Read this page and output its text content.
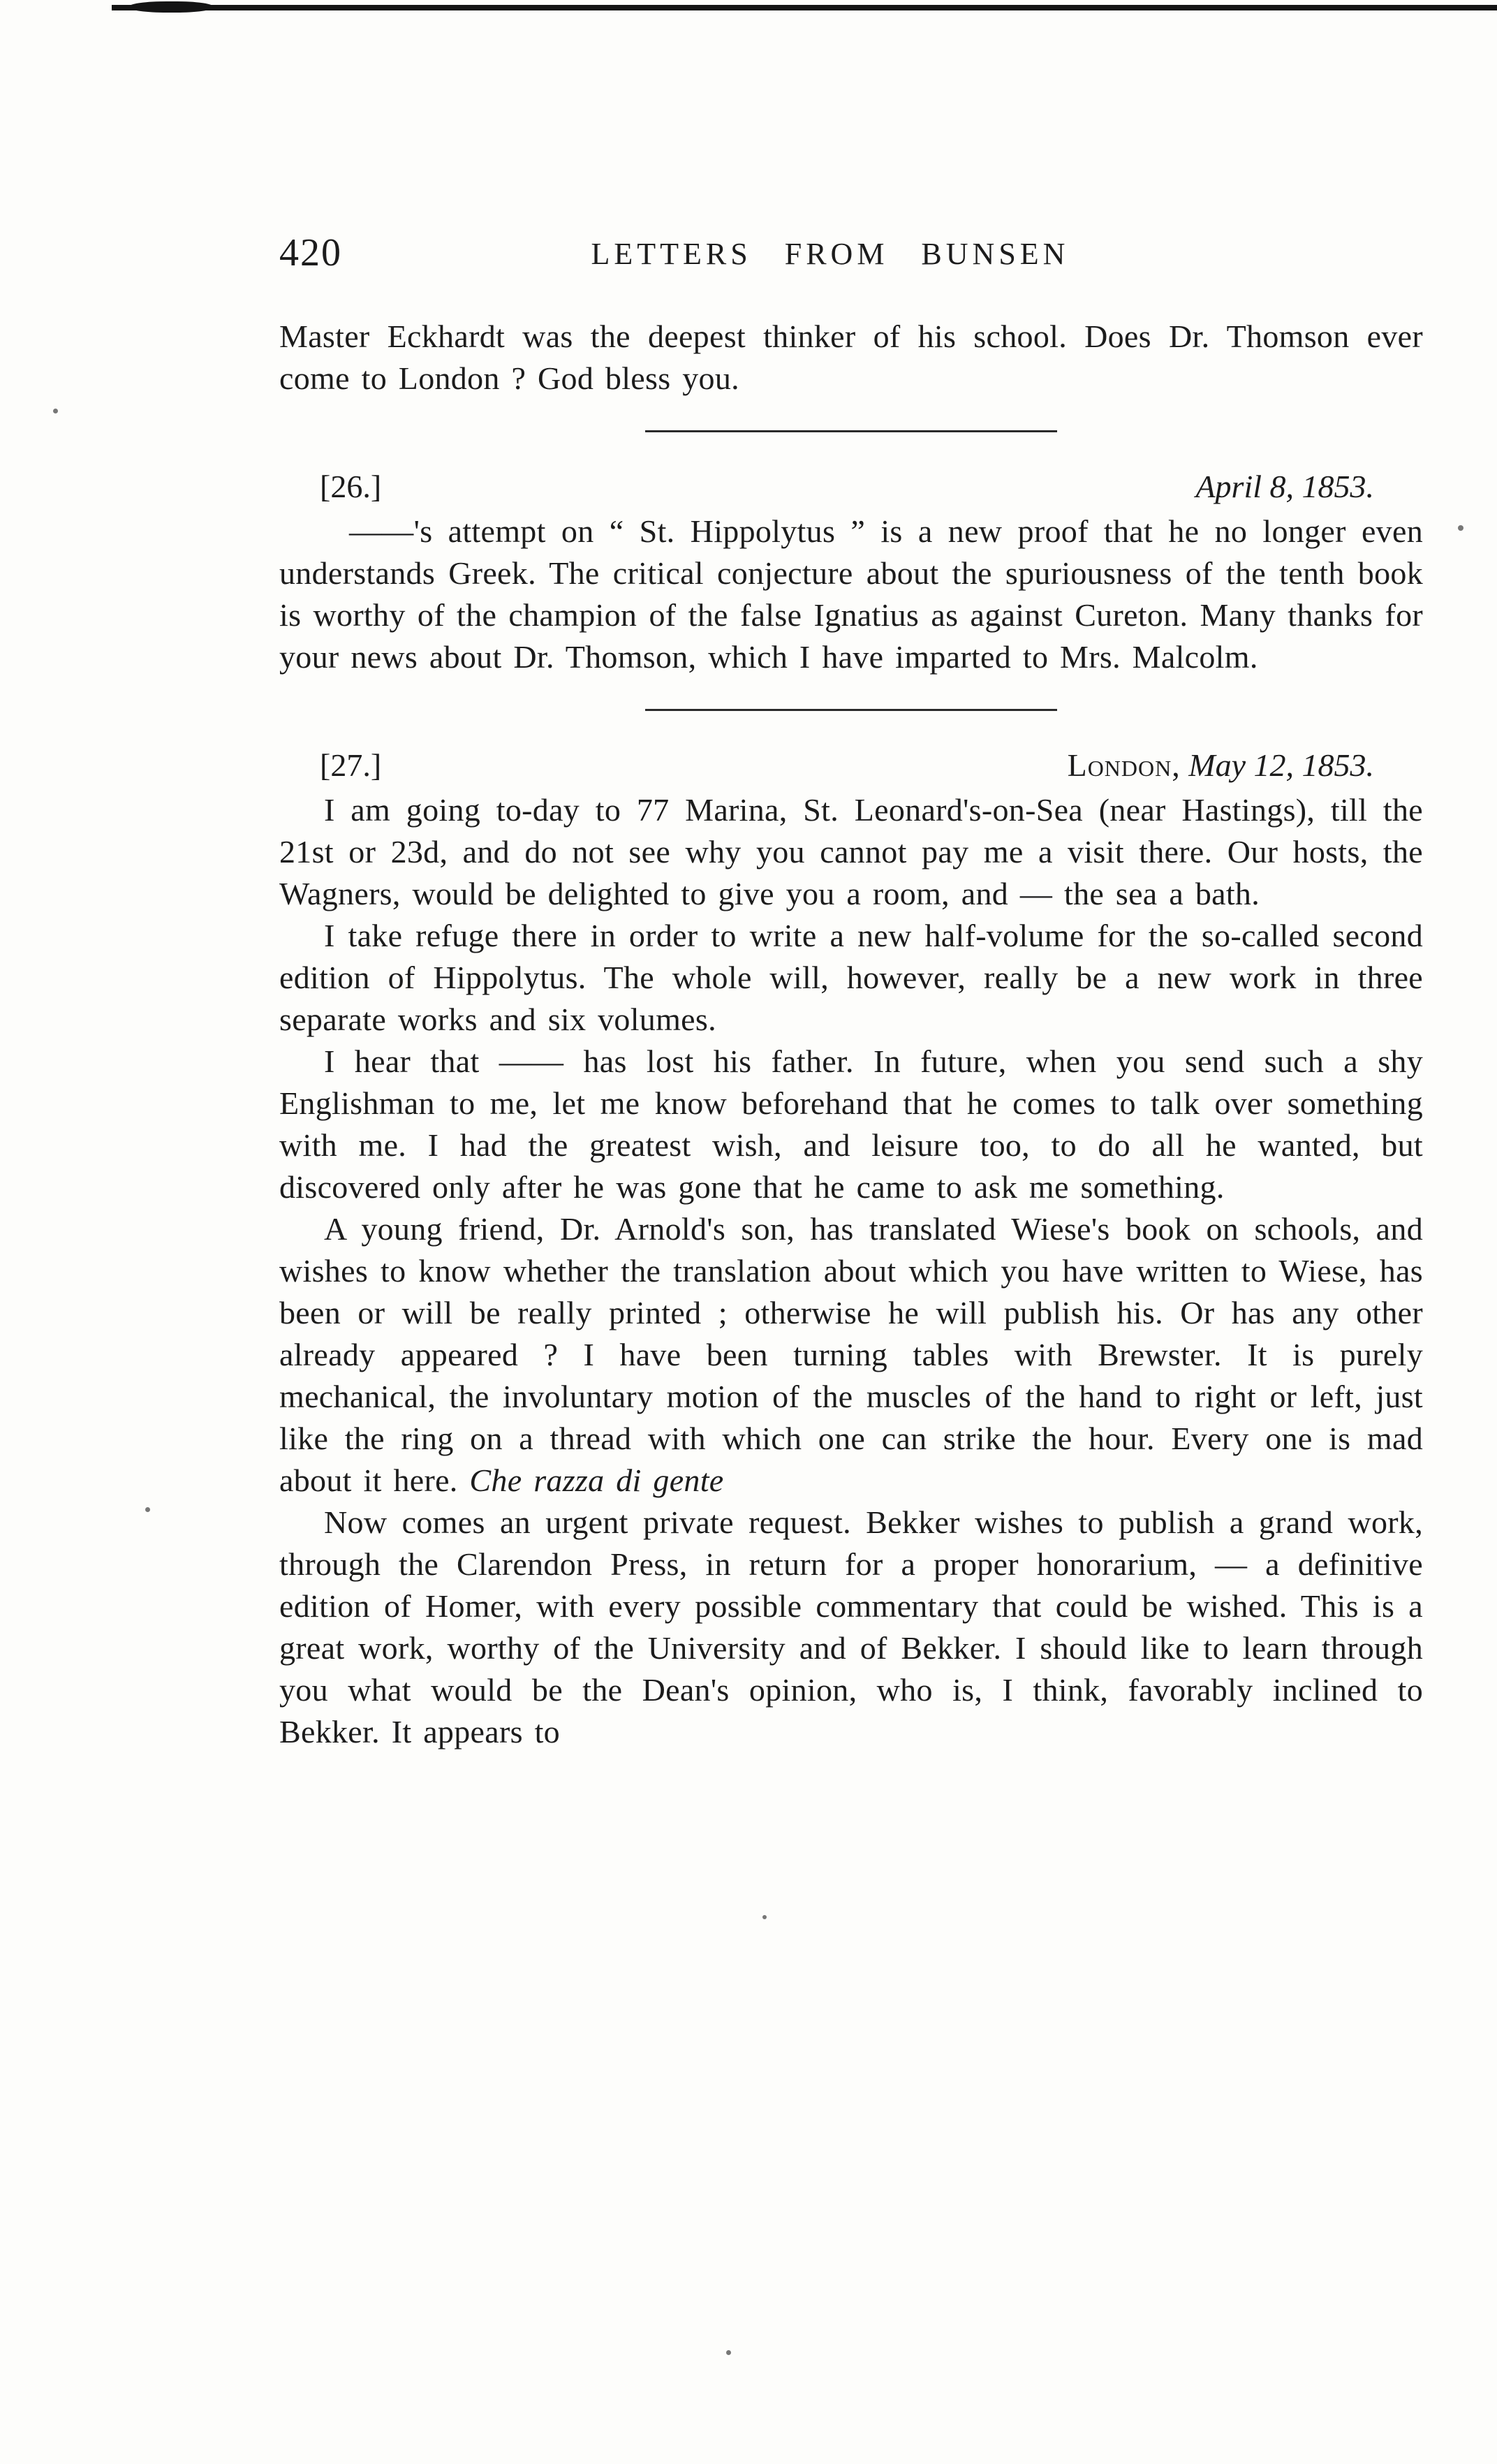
420	LETTERS FROM BUNSEN

Master Eckhardt was the deepest thinker of his school. Does Dr. Thomson ever come to London ? God bless you.

[26.]	April 8, 1853.

——'s attempt on “ St. Hippolytus ” is a new proof that he no longer even understands Greek. The critical conjecture about the spuriousness of the tenth book is worthy of the champion of the false Ignatius as against Cureton. Many thanks for your news about Dr. Thomson, which I have imparted to Mrs. Malcolm.

[27.]	London, May 12, 1853.

I am going to-day to 77 Marina, St. Leonard's-on-Sea (near Hastings), till the 21st or 23d, and do not see why you cannot pay me a visit there. Our hosts, the Wagners, would be delighted to give you a room, and — the sea a bath.

I take refuge there in order to write a new half-volume for the so-called second edition of Hippolytus. The whole will, however, really be a new work in three separate works and six volumes.

I hear that —— has lost his father. In future, when you send such a shy Englishman to me, let me know beforehand that he comes to talk over something with me. I had the greatest wish, and leisure too, to do all he wanted, but discovered only after he was gone that he came to ask me something.

A young friend, Dr. Arnold's son, has translated Wiese's book on schools, and wishes to know whether the translation about which you have written to Wiese, has been or will be really printed ; otherwise he will publish his. Or has any other already appeared ? I have been turning tables with Brewster. It is purely mechanical, the involuntary motion of the muscles of the hand to right or left, just like the ring on a thread with which one can strike the hour. Every one is mad about it here. Che razza di gente

Now comes an urgent private request. Bekker wishes to publish a grand work, through the Clarendon Press, in return for a proper honorarium, — a definitive edition of Homer, with every possible commentary that could be wished. This is a great work, worthy of the University and of Bekker. I should like to learn through you what would be the Dean's opinion, who is, I think, favorably inclined to Bekker. It appears to
